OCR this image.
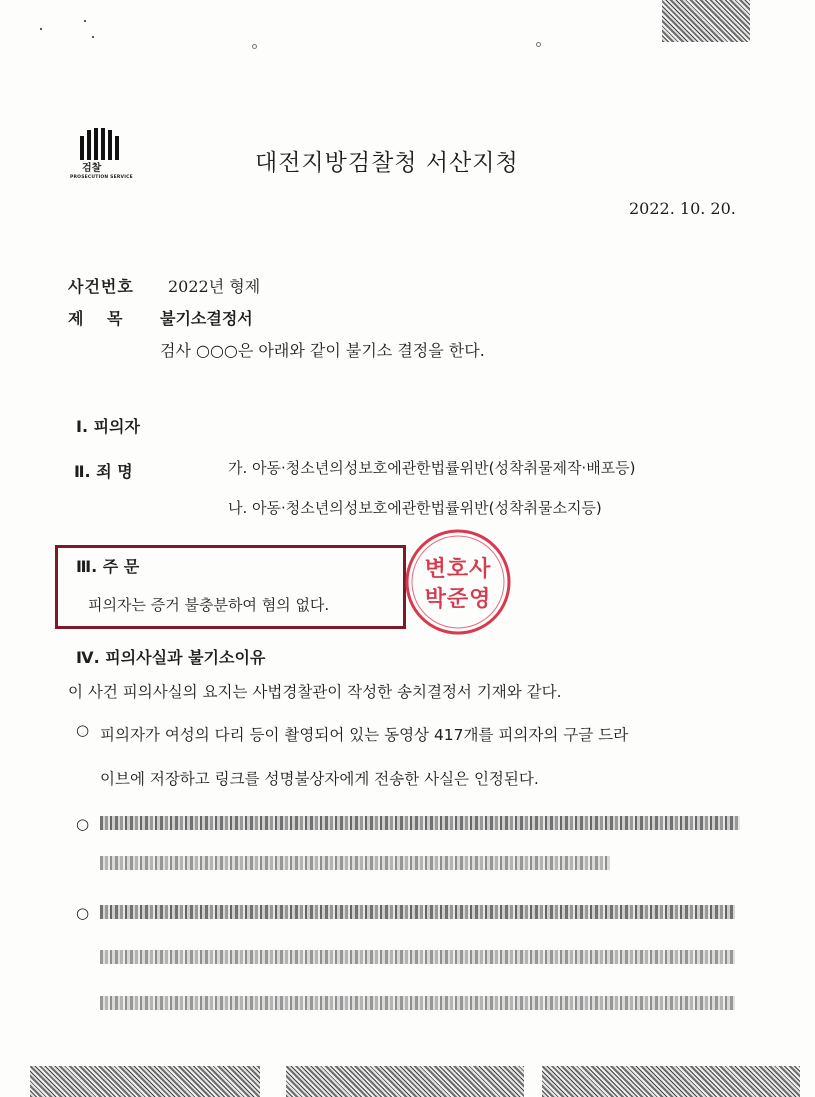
검찰
PROSECUTION SERVICE
대전지방검찰청 서산지청
2022. 10. 20.
사건번호 2022년 형제
제 목 불기소결정서
검사 ○○○은 아래와 같이 불기소 결정을 한다.
Ⅰ. 피의자
Ⅱ. 죄 명	가. 아동·청소년의성보호에관한법률위반(성착취물제작·배포등)
나. 아동·청소년의성보호에관한법률위반(성착취물소지등)
Ⅲ. 주 문
피의자는 증거 불충분하여 혐의 없다.
변호사
박준영
Ⅳ. 피의사실과 불기소이유
이 사건 피의사실의 요지는 사법경찰관이 작성한 송치결정서 기재와 같다.
○ 피의자가 여성의 다리 등이 촬영되어 있는 동영상 417개를 피의자의 구글 드라
이브에 저장하고 링크를 성명불상자에게 전송한 사실은 인정된다.
○
○
